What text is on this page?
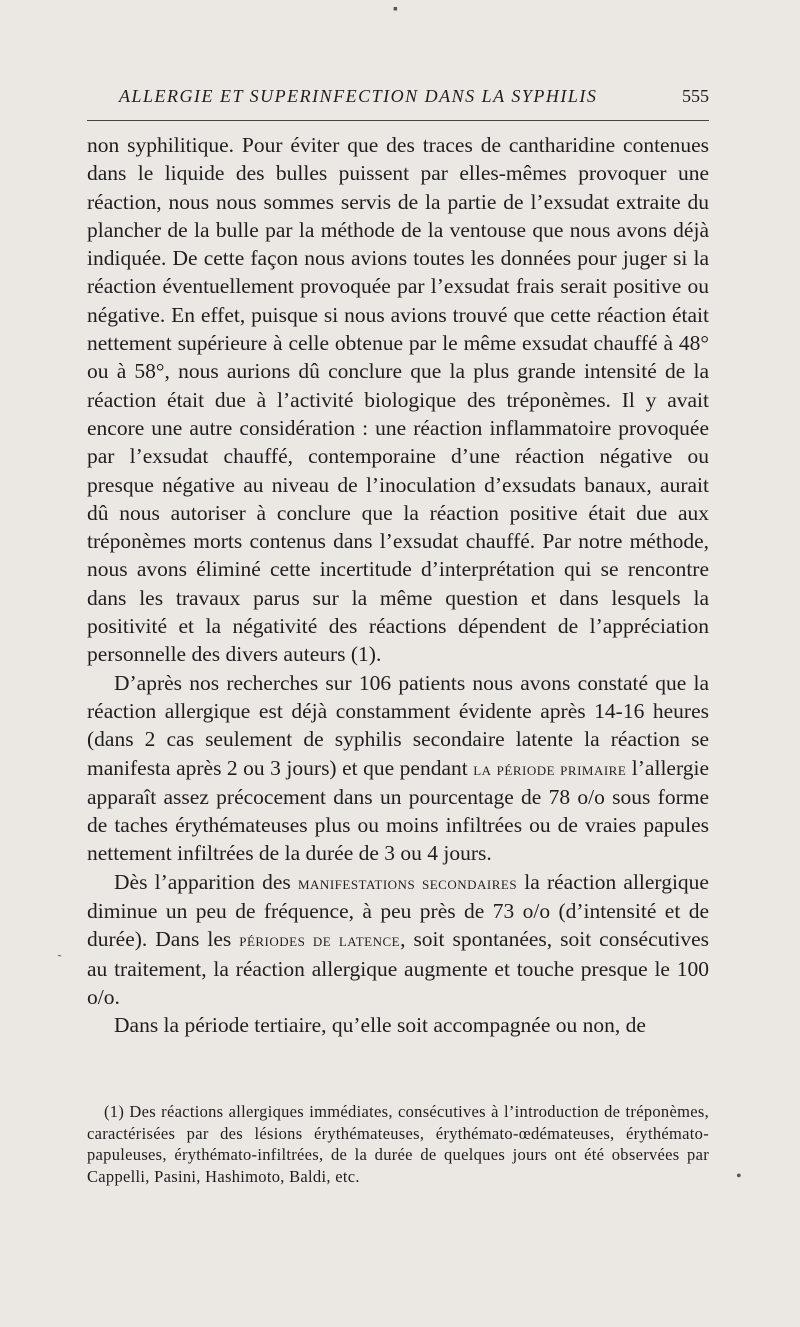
▪
ALLERGIE ET SUPERINFECTION DANS LA SYPHILIS	555

non syphilitique. Pour éviter que des traces de cantharidine contenues dans le liquide des bulles puissent par elles-mêmes provoquer une réaction, nous nous sommes servis de la partie de l’exsudat extraite du plancher de la bulle par la méthode de la ventouse que nous avons déjà indiquée. De cette façon nous avions toutes les données pour juger si la réaction éventuellement provoquée par l’exsudat frais serait positive ou négative. En effet, puisque si nous avions trouvé que cette réaction était nettement supérieure à celle obtenue par le même exsudat chauffé à 48° ou à 58°, nous aurions dû conclure que la plus grande intensité de la réaction était due à l’activité biologique des tréponèmes. Il y avait encore une autre considération : une réaction inflammatoire provoquée par l’exsudat chauffé, contemporaine d’une réaction négative ou presque négative au niveau de l’inoculation d’exsudats banaux, aurait dû nous autoriser à conclure que la réaction positive était due aux tréponèmes morts contenus dans l’exsudat chauffé. Par notre méthode, nous avons éliminé cette incertitude d’interprétation qui se rencontre dans les travaux parus sur la même question et dans lesquels la positivité et la négativité des réactions dépendent de l’appréciation personnelle des divers auteurs (1).

D’après nos recherches sur 106 patients nous avons constaté que la réaction allergique est déjà constamment évidente après 14-16 heures (dans 2 cas seulement de syphilis secondaire latente la réaction se manifesta après 2 ou 3 jours) et que pendant la période primaire l’allergie apparaît assez précocement dans un pourcentage de 78 o/o sous forme de taches érythémateuses plus ou moins infiltrées ou de vraies papules nettement infiltrées de la durée de 3 ou 4 jours.

Dès l’apparition des manifestations secondaires la réaction allergique diminue un peu de fréquence, à peu près de 73 o/o (d’intensité et de durée). Dans les périodes de latence, soit spontanées, soit consécutives au traitement, la réaction allergique augmente et touche presque le 100 o/o.

Dans la période tertiaire, qu’elle soit accompagnée ou non, de

(1) Des réactions allergiques immédiates, consécutives à l’introduction de tréponèmes, caractérisées par des lésions érythémateuses, érythémato-œdémateuses, érythémato-papuleuses, érythémato-infiltrées, de la durée de quelques jours ont été observées par Cappelli, Pasini, Hashimoto, Baldi, etc.

ˋ
•
